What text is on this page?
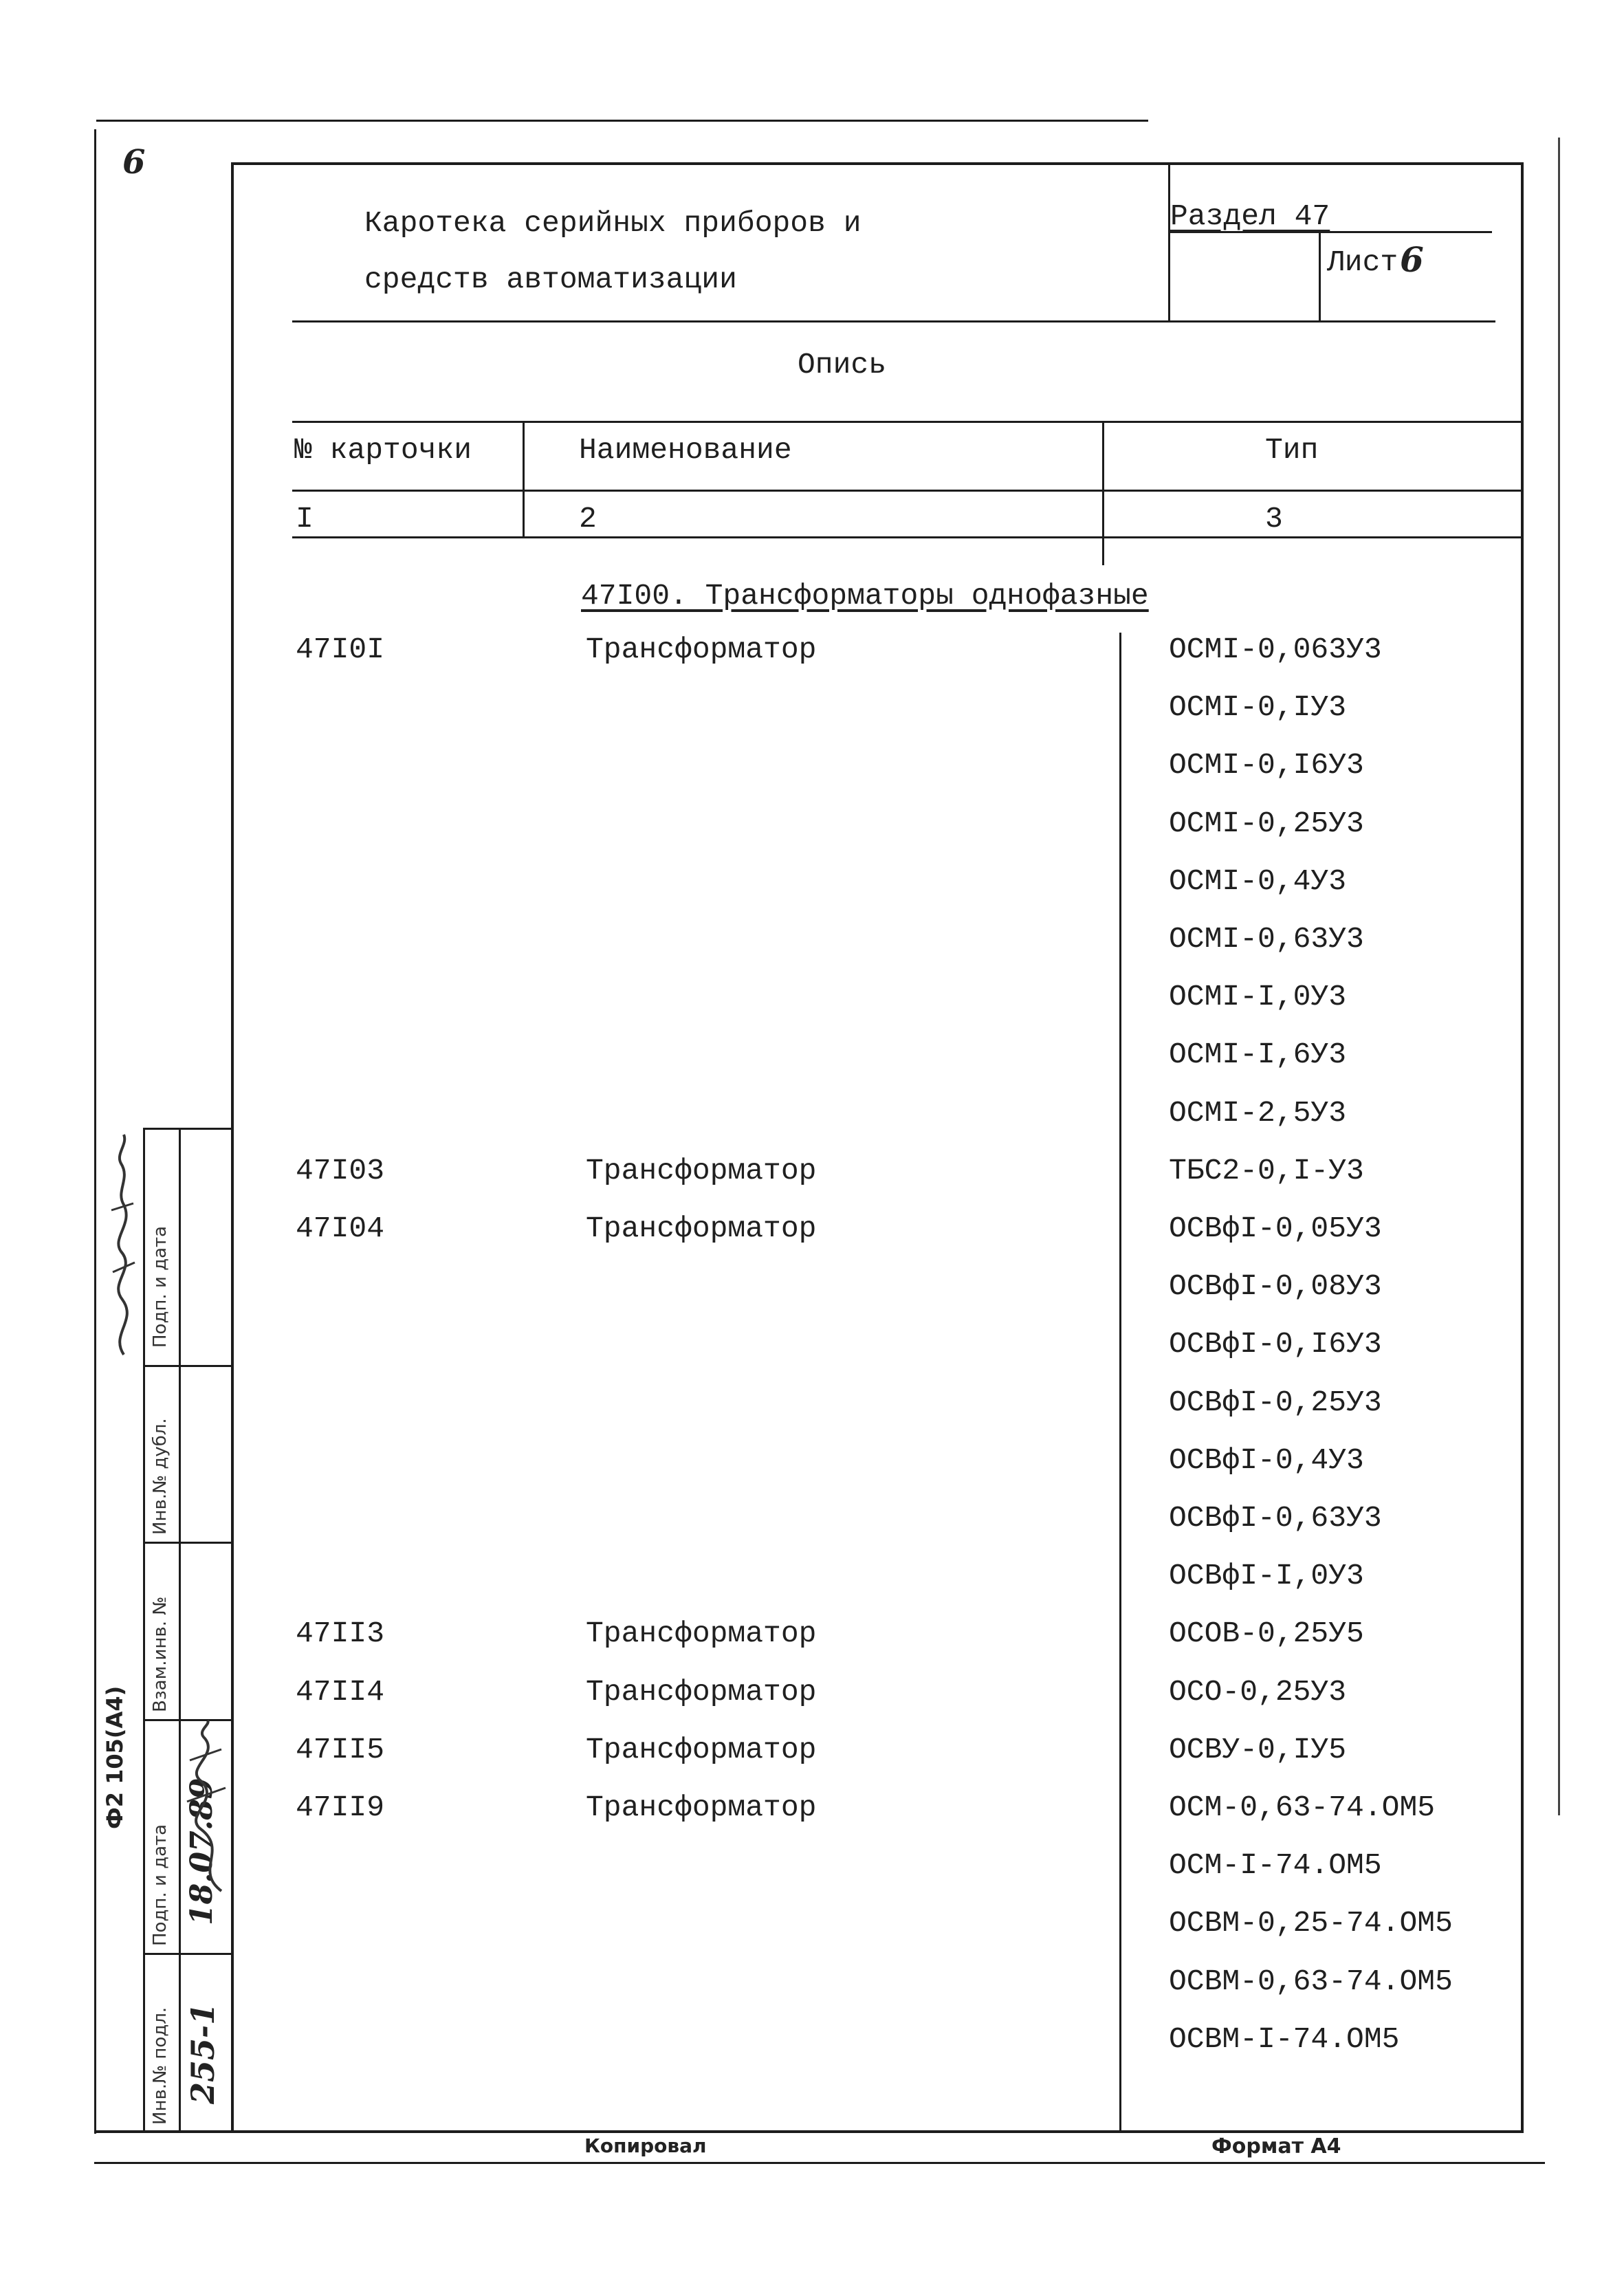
6
Каротека серийных приборов и
средств автоматизации
Раздел 47
Лист 6
Опись
№ карточки	Наименование	Тип
I	2	3
47I00. Трансформаторы однофазные
47I0I	Трансформатор	ОСМI-0,063У3
ОСМI-0,IУ3
ОСМI-0,I6У3
ОСМI-0,25У3
ОСМI-0,4У3
ОСМI-0,63У3
ОСМI-I,0У3
ОСМI-I,6У3
ОСМI-2,5У3
47I03	Трансформатор	ТБС2-0,I-У3
47I04	Трансформатор	ОСВфI-0,05У3
ОСВфI-0,08У3
ОСВфI-0,I6У3
ОСВфI-0,25У3
ОСВфI-0,4У3
ОСВфI-0,63У3
ОСВфI-I,0У3
47II3	Трансформатор	ОСОВ-0,25У5
47II4	Трансформатор	ОСО-0,25У3
47II5	Трансформатор	ОСВУ-0,IУ5
47II9	Трансформатор	ОСМ-0,63-74.ОМ5
ОСМ-I-74.ОМ5
ОСВМ-0,25-74.ОМ5
ОСВМ-0,63-74.ОМ5
ОСВМ-I-74.ОМ5
Подп. и дата
Инв.№ дубл.
Взам.инв. №
Подп. и дата
Инв.№ подл.
18.07.89
255-1
Ф2 105(А4)
Копировал	Формат А4
